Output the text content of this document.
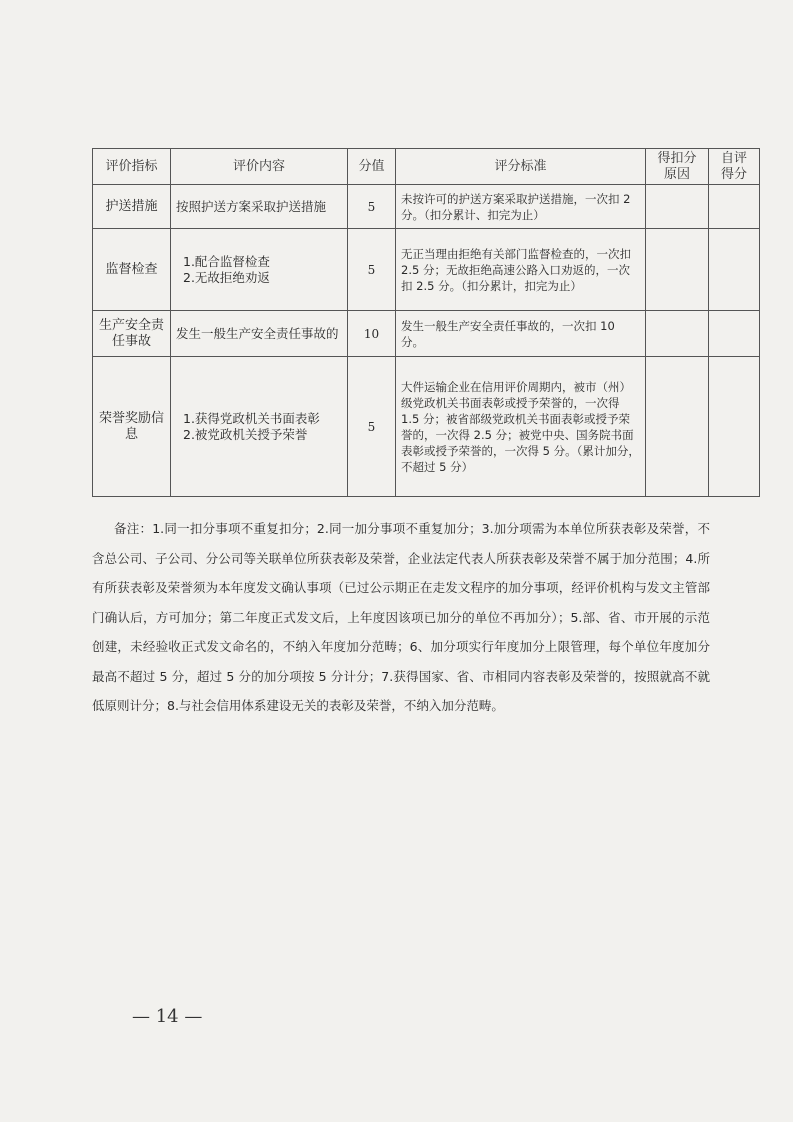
评价指标	评价内容	分值	评分标准	得扣分原因	自评得分

护送措施	按照护送方案采取护送措施	5	未按许可的护送方案采取护送措施，一次扣 2 分。（扣分累计、扣完为止）		
监督检查	1.配合监督检查
2.无故拒绝劝返	5	无正当理由拒绝有关部门监督检查的，一次扣 2.5 分；无故拒绝高速公路入口劝返的，一次扣 2.5 分。（扣分累计，扣完为止）		
生产安全责任事故	发生一般生产安全责任事故的	10	发生一般生产安全责任事故的，一次扣 10 分。		
荣誉奖励信息	1.获得党政机关书面表彰
2.被党政机关授予荣誉	5	大件运输企业在信用评价周期内，被市（州）级党政机关书面表彰或授予荣誉的，一次得 1.5 分；被省部级党政机关书面表彰或授予荣誉的，一次得 2.5 分；被党中央、国务院书面表彰或授予荣誉的，一次得 5 分。（累计加分，不超过 5 分）		

备注：1.同一扣分事项不重复扣分；2.同一加分事项不重复加分；3.加分项需为本单位所获表彰及荣誉，不含总公司、子公司、分公司等关联单位所获表彰及荣誉，企业法定代表人所获表彰及荣誉不属于加分范围；4.所有所获表彰及荣誉须为本年度发文确认事项（已过公示期正在走发文程序的加分事项，经评价机构与发文主管部门确认后，方可加分；第二年度正式发文后，上年度因该项已加分的单位不再加分）；5.部、省、市开展的示范创建，未经验收正式发文命名的，不纳入年度加分范畴；6、加分项实行年度加分上限管理，每个单位年度加分最高不超过 5 分，超过 5 分的加分项按 5 分计分；7.获得国家、省、市相同内容表彰及荣誉的，按照就高不就低原则计分；8.与社会信用体系建设无关的表彰及荣誉，不纳入加分范畴。

— 14 —
